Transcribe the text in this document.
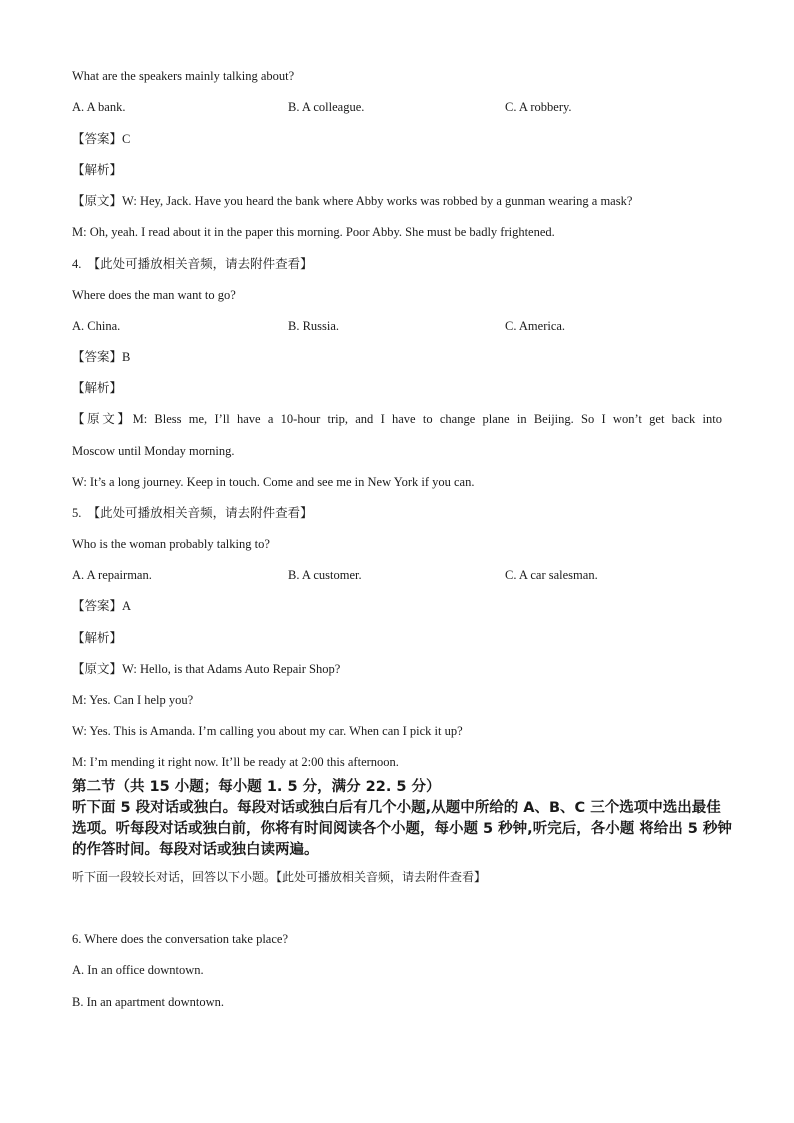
What are the speakers mainly talking about?
A. A bank.	B. A colleague.	C. A robbery.
【答案】C
【解析】
【原文】W: Hey, Jack. Have you heard the bank where Abby works was robbed by a gunman wearing a mask?
M: Oh, yeah. I read about it in the paper this morning. Poor Abby. She must be badly frightened.
4. 【此处可播放相关音频，请去附件查看】
Where does the man want to go?
A. China.	B. Russia.	C. America.
【答案】B
【解析】
【原文】M: Bless me, I’ll have a 10-hour trip, and I have to change plane in Beijing. So I won’t get back into
Moscow until Monday morning.
W: It’s a long journey. Keep in touch. Come and see me in New York if you can.
5. 【此处可播放相关音频，请去附件查看】
Who is the woman probably talking to?
A. A repairman.	B. A customer.	C. A car salesman.
【答案】A
【解析】
【原文】W: Hello, is that Adams Auto Repair Shop?
M: Yes. Can I help you?
W: Yes. This is Amanda. I’m calling you about my car. When can I pick it up?
M: I’m mending it right now. It’ll be ready at 2:00 this afternoon.
第二节（共 15 小题；每小题 1. 5 分，满分 22. 5 分）
听下面 5 段对话或独白。每段对话或独白后有几个小题,从题中所给的 A、B、C 三个选项中选出最佳选项。听每段对话或独白前，你将有时间阅读各个小题，每小题 5 秒钟,听完后，各小题 将给出 5 秒钟的作答时间。每段对话或独白读两遍。
听下面一段较长对话，回答以下小题。【此处可播放相关音频，请去附件查看】
6. Where does the conversation take place?
A. In an office downtown.
B. In an apartment downtown.
